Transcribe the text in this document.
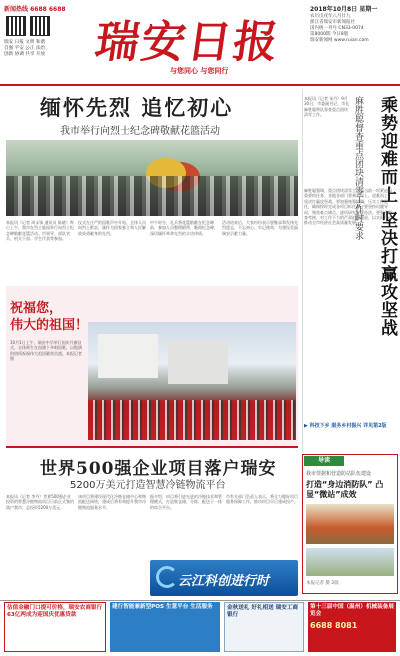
新闻热线 6688 6688
瑞安 日报 文明 和谐
自强 平安 公正 法治
创新 协调 共享 开放 瑞安日报
与您同心 与您同行
2018年10月8日 星期一
农历戊戌年八月廿九
浙江省瑞安市新闻报社
国内统一刊号 CN33-0074
第8000期 今日8版
瑞安新闻网 www.ruian.com
缅怀先烈 追忆初心
我市举行向烈士纪念碑敬献花篮活动
本报讯（记者 周永锋 通讯员 陈晓）昨日上午，我市在烈士陵园举行向烈士纪念碑敬献花篮活动。市领导、部队官兵、机关干部、学生代表等参加。
仪式在庄严的国歌声中开始。全体人员向烈士默哀，缅怀为国家独立和人民解放英勇献身的先烈。
中午时分，礼兵将花篮敬献在纪念碑前，参加人员整理缎带，瞻仰纪念碑，深切缅怀革命先烈的丰功伟绩。
活动结束后，大家纷纷表示要继承和发扬先烈遗志，不忘初心、牢记使命，为建设美丽瑞安贡献力量。
祝福您，
伟大的祖国！
10月1日上午，瑞安中学举行国庆升旗仪式，全体师生在国旗下齐唱国歌，以饱满的热情祝福伟大祖国繁荣昌盛。本报记者 摄
世界500强企业项目落户瑞安
5200万美元打造智慧冷链物流平台
本报讯（记者 李丹）世界500强企业投资的智慧冷链物流项目日前正式签约落户我市，总投资5200万美元。
该项目将建设现代化冷链仓储中心和物流配送网络，建成后将有效提升我市冷链物流服务水平。
据介绍，项目将引进先进的冷链技术和管理模式，打造集仓储、分拣、配送于一体的综合平台。
市有关部门负责人表示，将全力做好项目服务保障工作，推动项目早日建成投产。
云江科创进行时
麻胜聪督查重点团块清零工作时要求 乘势迎难而上 坚决打赢攻坚战
本报讯（记者 朱丹）9月30日，市委副书记、市长麻胜聪带队督查重点团块清零工作。
麻胜聪强调，重点团块清零工作是当前一项紧迫而重要的任务，各地各部门要乘势而上、迎难而上，坚决打赢攻坚战。要加强统筹协调，压实工作责任，确保按时完成各项目标任务。要坚持问题导向，聚焦难点堵点，逐项研究解决办法。要强化督查考核，对工作不力的严肃追责问责，以实际行动推动全市经济社会高质量发展。
▶ 科技下乡 服务乡村振兴 详见第2版
导读
我市票据和营造防站队伍建设
打造“身边消防队” 凸显“微站”成效
本报记者 摄 2版
估值金融门口提可价格，瑞安农商银行 63亿两成为迎国庆优惠贷款
建行智能兼新型POS 生意平台 生活服务	金秋送礼 好礼相送 瑞安工商银行
第十三届中国（温州）机械装备展览会
6688 8081
